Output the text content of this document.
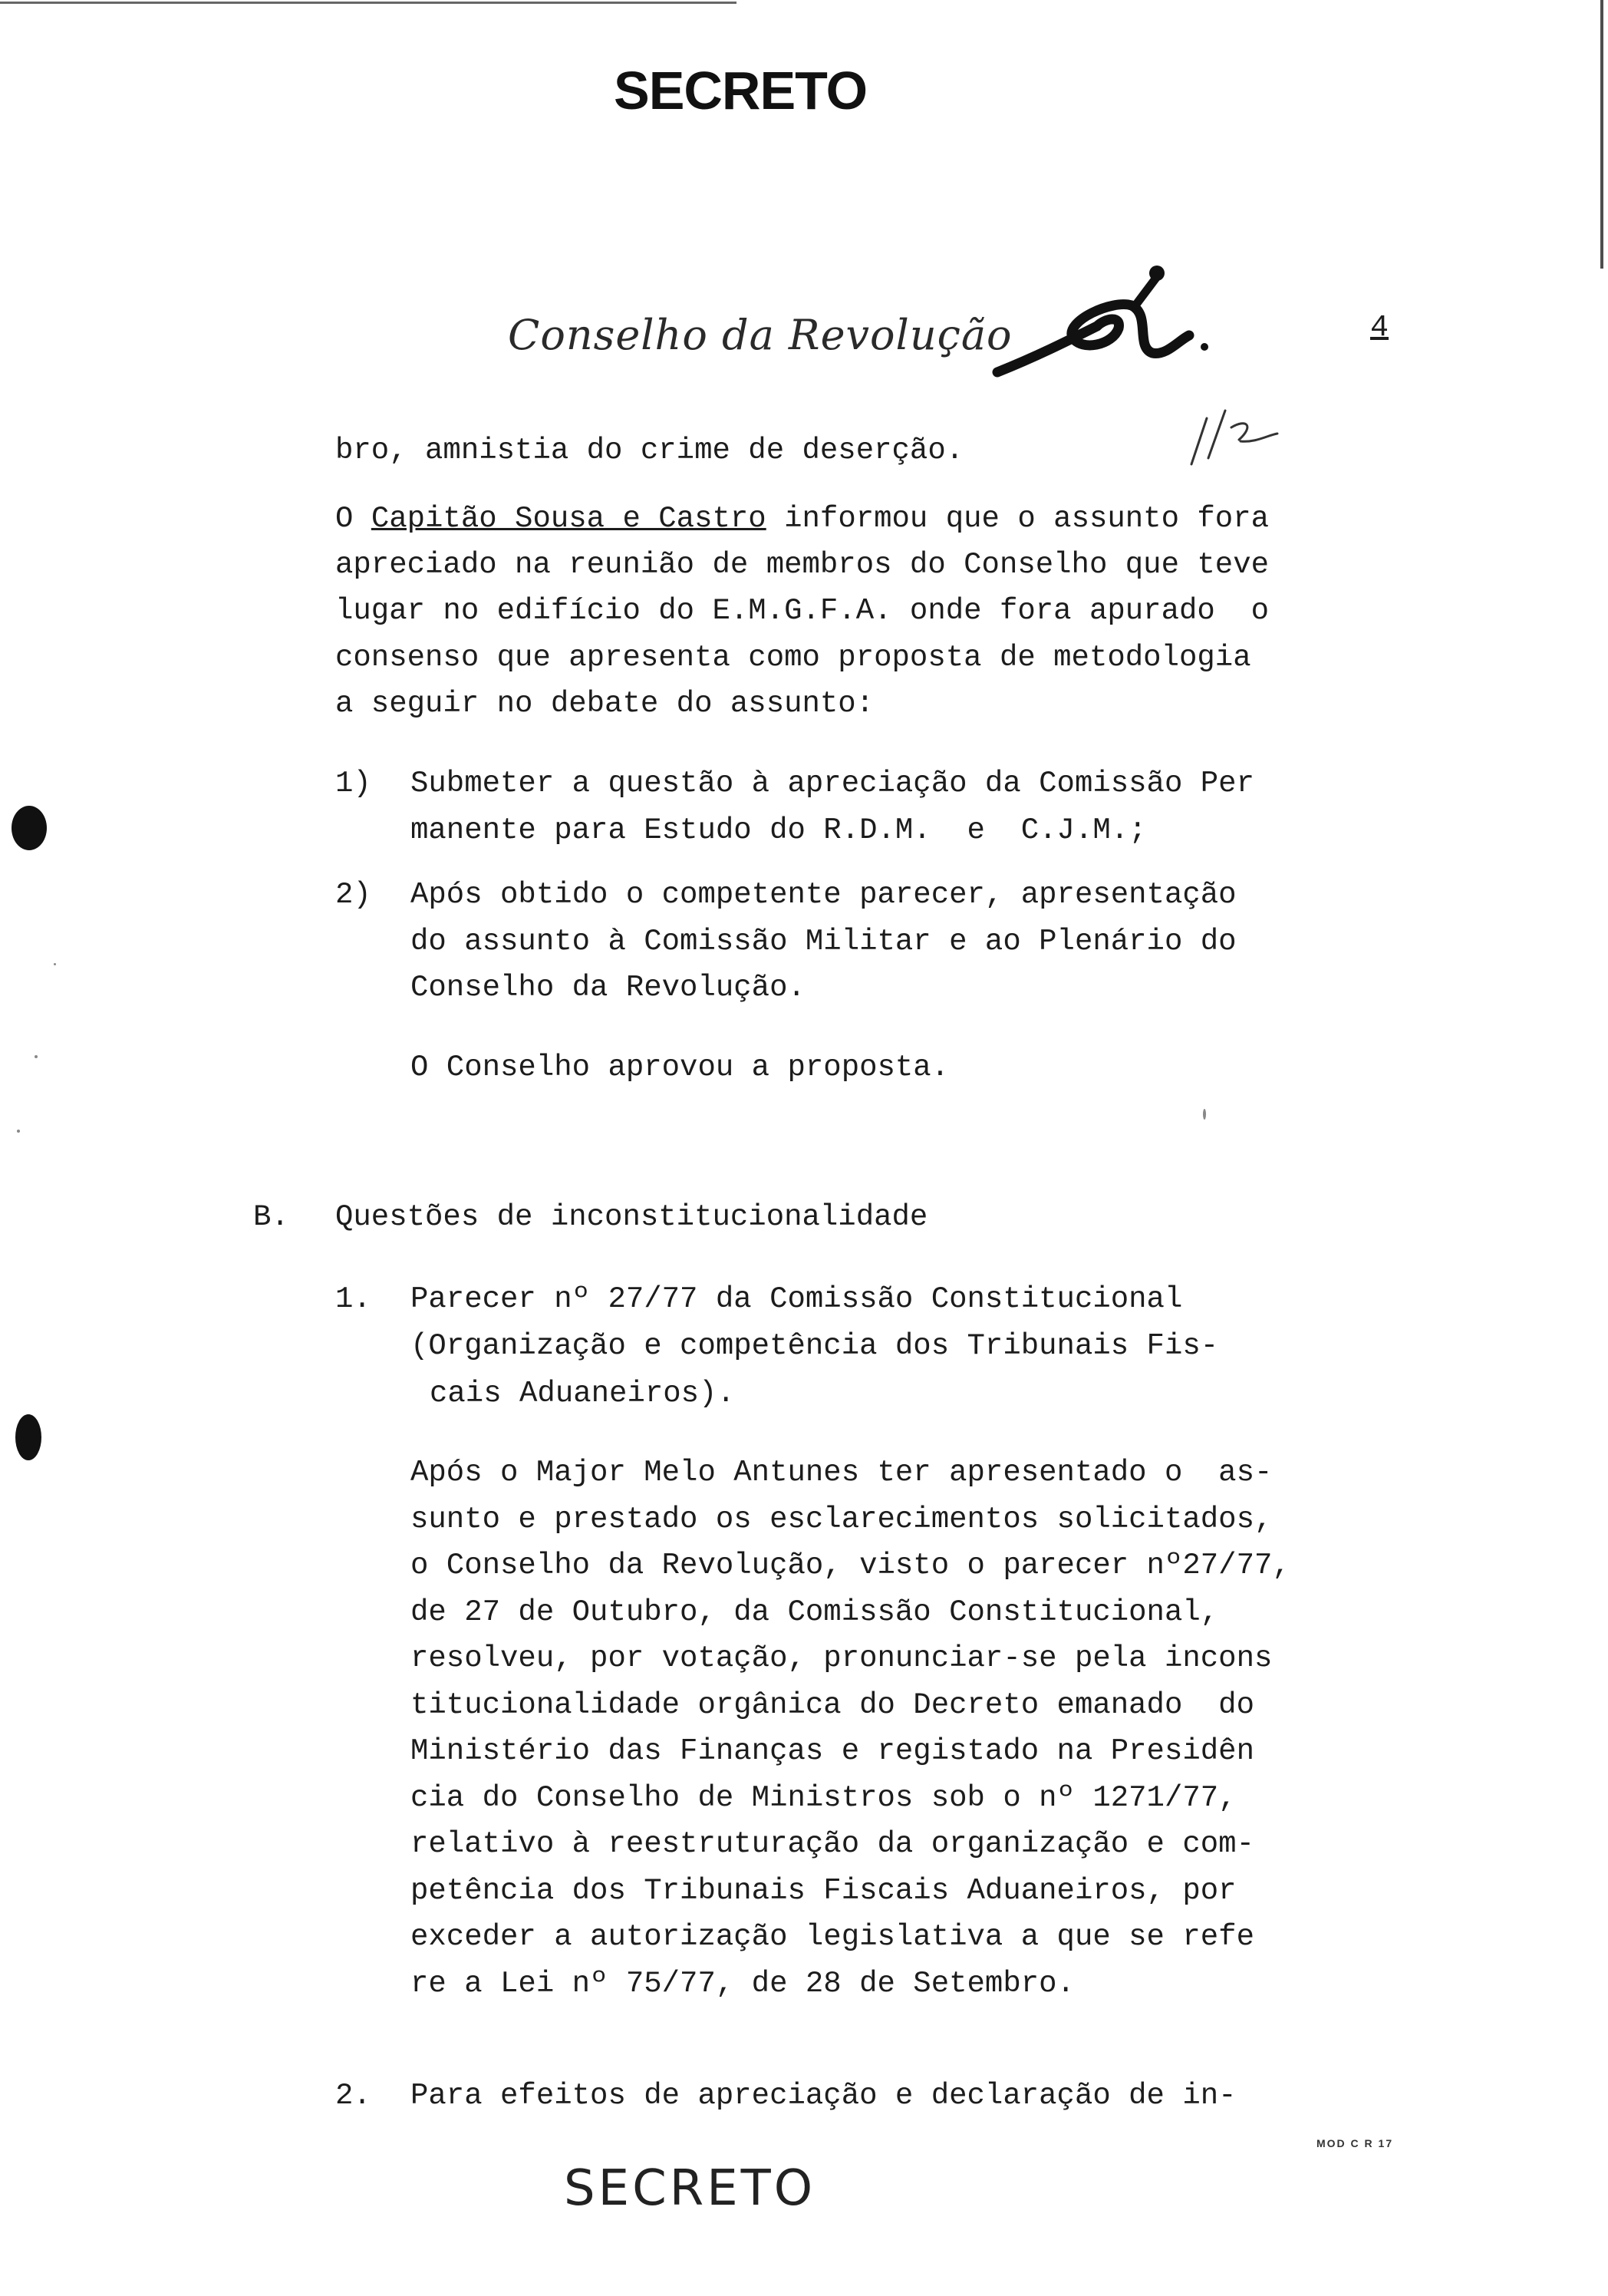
SECRETO
Conselho da Revolução	4
bro, amnistia do crime de deserção.
O Capitão Sousa e Castro informou que o assunto fora
apreciado na reunião de membros do Conselho que teve
lugar no edifício do E.M.G.F.A. onde fora apurado  o
consenso que apresenta como proposta de metodologia
a seguir no debate do assunto:
1) Submeter a questão à apreciação da Comissão Per
manente para Estudo do R.D.M.  e  C.J.M.;
2) Após obtido o competente parecer, apresentação
do assunto à Comissão Militar e ao Plenário do
Conselho da Revolução.
O Conselho aprovou a proposta.
B. Questões de inconstitucionalidade
1. Parecer nº 27/77 da Comissão Constitucional
(Organização e competência dos Tribunais Fis-
cais Aduaneiros).
Após o Major Melo Antunes ter apresentado o  as-
sunto e prestado os esclarecimentos solicitados,
o Conselho da Revolução, visto o parecer nº27/77,
de 27 de Outubro, da Comissão Constitucional,
resolveu, por votação, pronunciar-se pela incons
titucionalidade orgânica do Decreto emanado  do
Ministério das Finanças e registado na Presidên
cia do Conselho de Ministros sob o nº 1271/77,
relativo à reestruturação da organização e com-
petência dos Tribunais Fiscais Aduaneiros, por
exceder a autorização legislativa a que se refe
re a Lei nº 75/77, de 28 de Setembro.
2. Para efeitos de apreciação e declaração de in-
MOD C R 17
SECRETO
